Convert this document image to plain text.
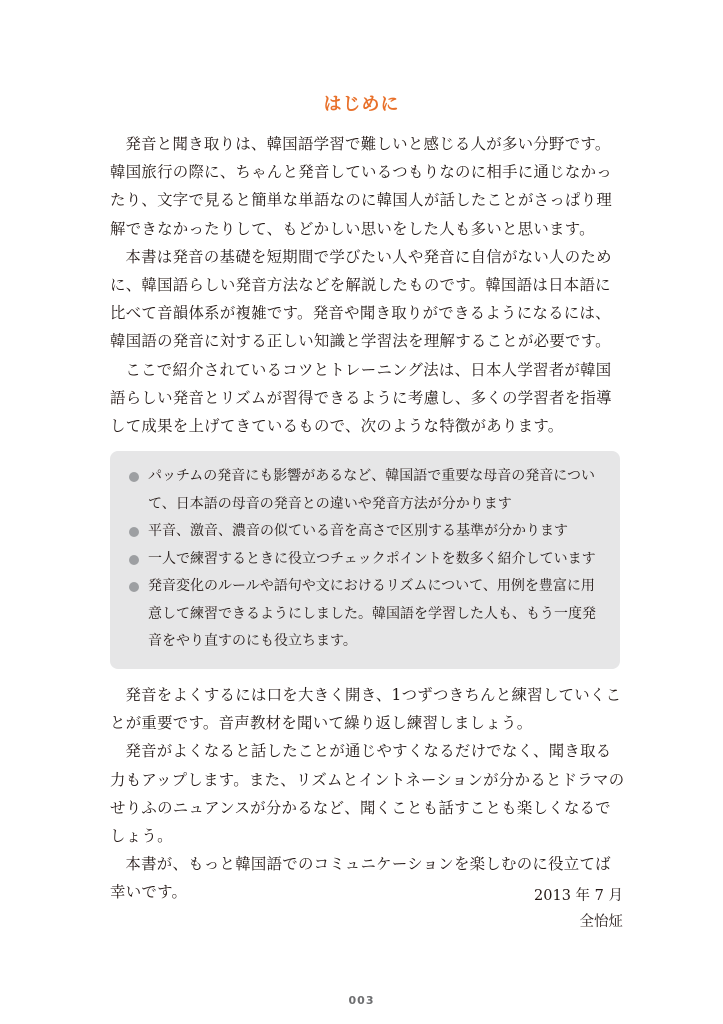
はじめに

発音と聞き取りは、韓国語学習で難しいと感じる人が多い分野です。韓国旅行の際に、ちゃんと発音しているつもりなのに相手に通じなかったり、文字で見ると簡単な単語なのに韓国人が話したことがさっぱり理解できなかったりして、もどかしい思いをした人も多いと思います。

本書は発音の基礎を短期間で学びたい人や発音に自信がない人のために、韓国語らしい発音方法などを解説したものです。韓国語は日本語に比べて音韻体系が複雑です。発音や聞き取りができるようになるには、韓国語の発音に対する正しい知識と学習法を理解することが必要です。

ここで紹介されているコツとトレーニング法は、日本人学習者が韓国語らしい発音とリズムが習得できるように考慮し、多くの学習者を指導して成果を上げてきているもので、次のような特徴があります。

パッチムの発音にも影響があるなど、韓国語で重要な母音の発音について、日本語の母音の発音との違いや発音方法が分かります
平音、激音、濃音の似ている音を高さで区別する基準が分かります
一人で練習するときに役立つチェックポイントを数多く紹介しています
発音変化のルールや語句や文におけるリズムについて、用例を豊富に用意して練習できるようにしました。韓国語を学習した人も、もう一度発音をやり直すのにも役立ちます。

発音をよくするには口を大きく開き、1つずつきちんと練習していくことが重要です。音声教材を聞いて繰り返し練習しましょう。

発音がよくなると話したことが通じやすくなるだけでなく、聞き取る力もアップします。また、リズムとイントネーションが分かるとドラマのせりふのニュアンスが分かるなど、聞くことも話すことも楽しくなるでしょう。

本書が、もっと韓国語でのコミュニケーションを楽しむのに役立てば幸いです。	2013 年 7 月
全怡炡
003
